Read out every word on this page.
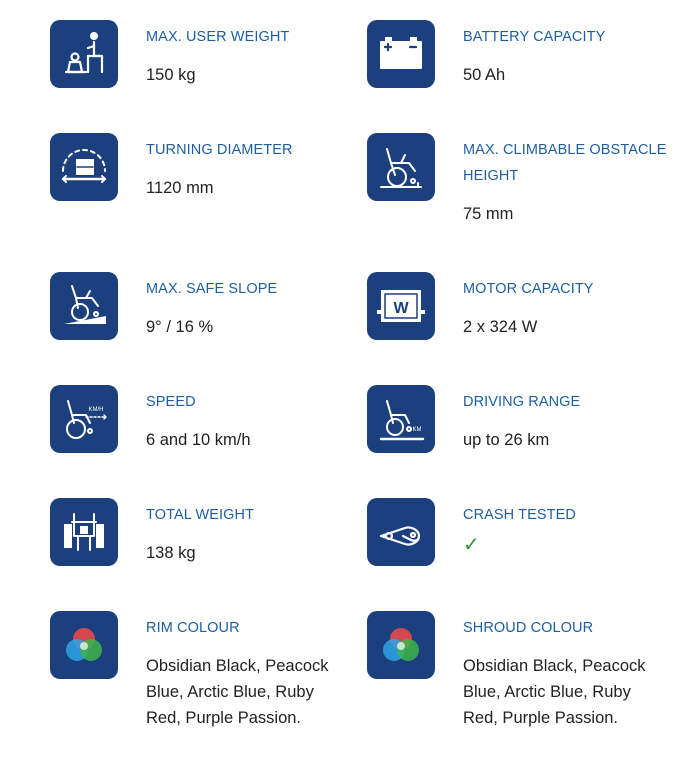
MAX. USER WEIGHT
150 kg
BATTERY CAPACITY
50 Ah
TURNING DIAMETER
1120 mm
MAX. CLIMBABLE OBSTACLE HEIGHT
75 mm
MAX. SAFE SLOPE
9° / 16 %
W
MOTOR CAPACITY
2 x 324 W
KM/H	SPEED
6 and 10 km/h
KM
DRIVING RANGE
up to 26 km
TOTAL WEIGHT
138 kg
CRASH TESTED
✓
RIM COLOUR
Obsidian Black, Peacock Blue, Arctic Blue, Ruby Red, Purple Passion.
SHROUD COLOUR
Obsidian Black, Peacock Blue, Arctic Blue, Ruby Red, Purple Passion.
